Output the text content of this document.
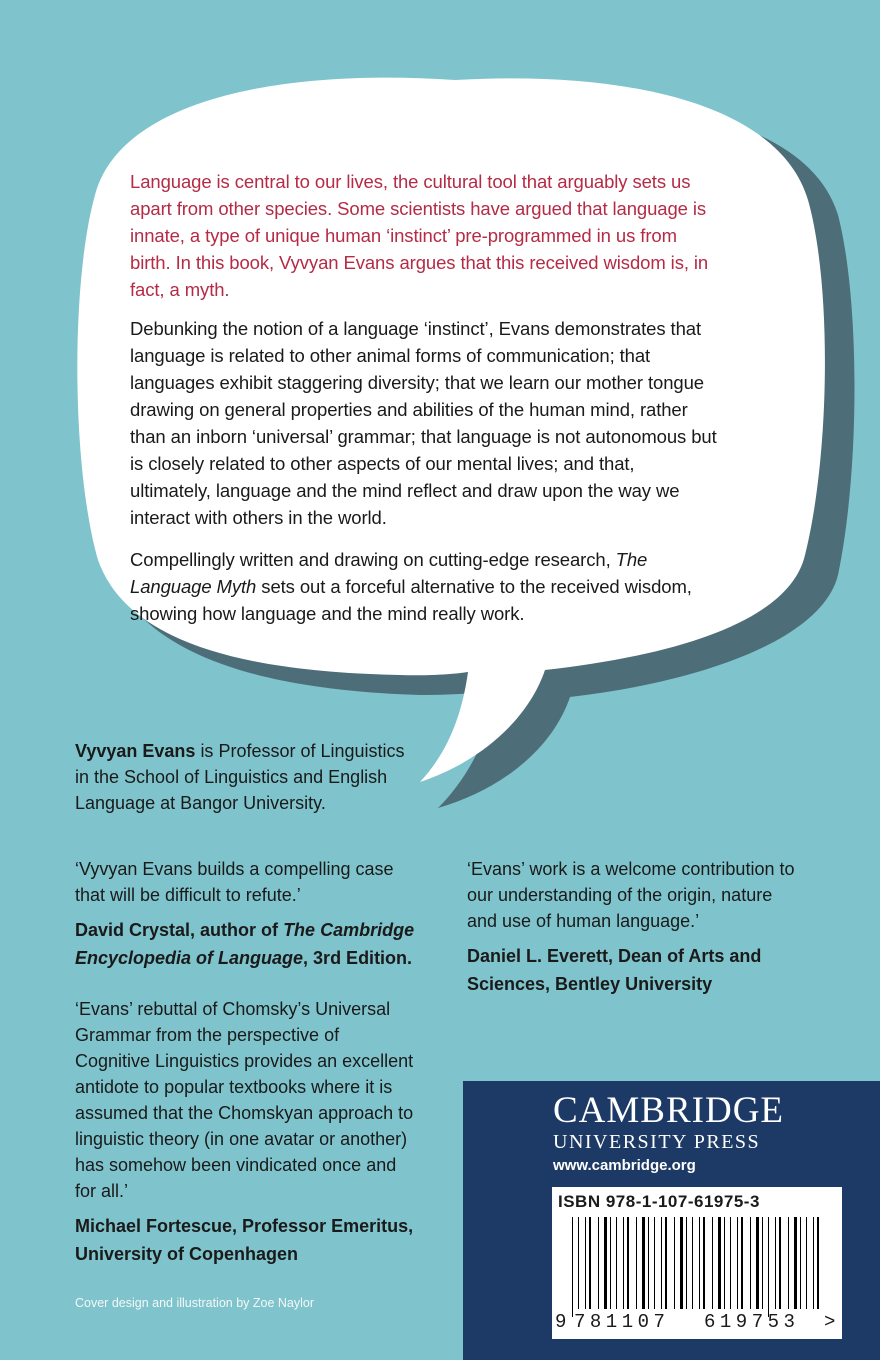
Language is central to our lives, the cultural tool that arguably sets us apart from other species. Some scientists have argued that language is innate, a type of unique human ‘instinct’ pre-programmed in us from birth. In this book, Vyvyan Evans argues that this received wisdom is, in fact, a myth.

Debunking the notion of a language ‘instinct’, Evans demonstrates that language is related to other animal forms of communication; that languages exhibit staggering diversity; that we learn our mother tongue drawing on general properties and abilities of the human mind, rather than an inborn ‘universal’ grammar; that language is not autonomous but is closely related to other aspects of our mental lives; and that, ultimately, language and the mind reflect and draw upon the way we interact with others in the world.

Compellingly written and drawing on cutting-edge research, The Language Myth sets out a forceful alternative to the received wisdom, showing how language and the mind really work.

Vyvyan Evans is Professor of Linguistics in the School of Linguistics and English Language at Bangor University.

‘Vyvyan Evans builds a compelling case that will be difficult to refute.’

David Crystal, author of The Cambridge Encyclopedia of Language, 3rd Edition.

‘Evans’ work is a welcome contribution to our understanding of the origin, nature and use of human language.’

Daniel L. Everett, Dean of Arts and Sciences, Bentley University

‘Evans’ rebuttal of Chomsky’s Universal Grammar from the perspective of Cognitive Linguistics provides an excellent antidote to popular textbooks where it is assumed that the Chomskyan approach to linguistic theory (in one avatar or another) has somehow been vindicated once and for all.’

Michael Fortescue, Professor Emeritus, University of Copenhagen

Cover design and illustration by Zoe Naylor

CAMBRIDGE

UNIVERSITY PRESS

www.cambridge.org

ISBN 978-1-107-61975-3
9 781107 619753 >
